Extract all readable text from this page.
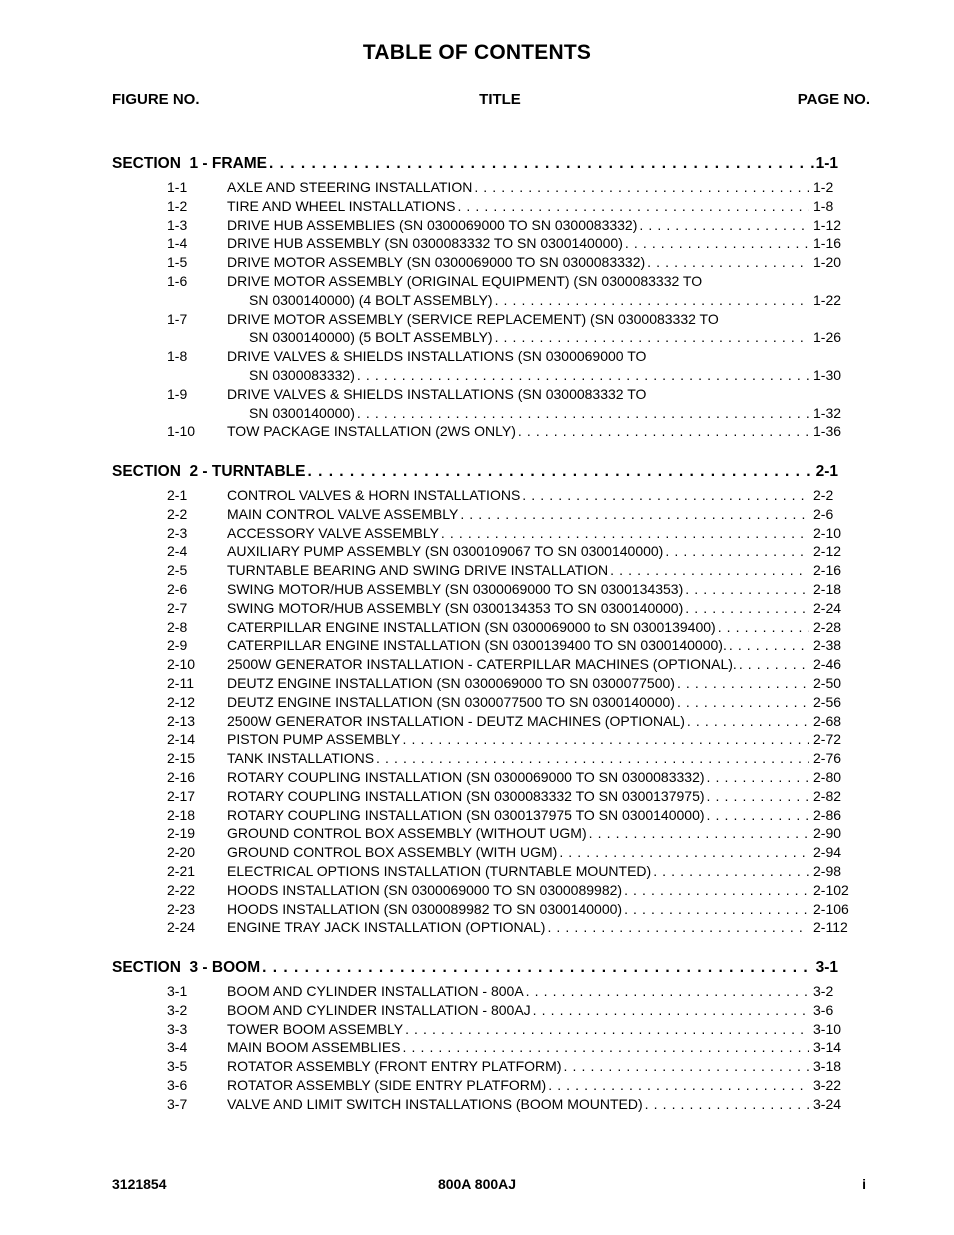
TABLE OF CONTENTS
FIGURE NO.	TITLE	PAGE NO.
SECTION  1 - FRAME . . .	1-1
1-1	AXLE AND STEERING INSTALLATION . . .	1-2
1-2	TIRE AND WHEEL INSTALLATIONS . . .	1-8
1-3	DRIVE HUB ASSEMBLIES (SN 0300069000 TO SN 0300083332) . . .	1-12
1-4	DRIVE HUB ASSEMBLY (SN 0300083332 TO SN 0300140000) . . .	1-16
1-5	DRIVE MOTOR ASSEMBLY (SN 0300069000 TO SN 0300083332) . . .	1-20
1-6	DRIVE MOTOR ASSEMBLY (ORIGINAL EQUIPMENT) (SN 0300083332 TO
SN 0300140000) (4 BOLT ASSEMBLY) . . .	1-22
1-7	DRIVE MOTOR ASSEMBLY (SERVICE REPLACEMENT) (SN 0300083332 TO
SN 0300140000) (5 BOLT ASSEMBLY) . . .	1-26
1-8	DRIVE VALVES & SHIELDS INSTALLATIONS (SN 0300069000 TO
SN 0300083332) . . .	1-30
1-9	DRIVE VALVES & SHIELDS INSTALLATIONS (SN 0300083332 TO
SN 0300140000) . . .	1-32
1-10 TOW PACKAGE INSTALLATION (2WS ONLY) . . .	1-36
SECTION  2 - TURNTABLE . . .	2-1
2-1	CONTROL VALVES & HORN INSTALLATIONS . . .	2-2
2-2	MAIN CONTROL VALVE ASSEMBLY . . .	2-6
2-3	ACCESSORY VALVE ASSEMBLY . . .	2-10
2-4	AUXILIARY PUMP ASSEMBLY (SN 0300109067 TO SN 0300140000) . . .	2-12
2-5	TURNTABLE BEARING AND SWING DRIVE INSTALLATION . . .	2-16
2-6	SWING MOTOR/HUB ASSEMBLY (SN 0300069000 TO SN 0300134353) . . .	2-18
2-7	SWING MOTOR/HUB ASSEMBLY (SN 0300134353 TO SN 0300140000) . . .	2-24
2-8	CATERPILLAR ENGINE INSTALLATION (SN 0300069000 to SN 0300139400) . . .	2-28
2-9	CATERPILLAR ENGINE INSTALLATION (SN 0300139400 TO SN 0300140000). . . .	2-38
2-10 2500W GENERATOR INSTALLATION - CATERPILLAR MACHINES (OPTIONAL). . . .	2-46
2-11 DEUTZ ENGINE INSTALLATION (SN 0300069000 TO SN 0300077500) . . .	2-50
2-12 DEUTZ ENGINE INSTALLATION (SN 0300077500 TO SN 0300140000) . . .	2-56
2-13 2500W GENERATOR INSTALLATION - DEUTZ MACHINES (OPTIONAL) . . .	2-68
2-14 PISTON PUMP ASSEMBLY . . .	2-72
2-15 TANK INSTALLATIONS . . .	2-76
2-16 ROTARY COUPLING INSTALLATION (SN 0300069000 TO SN 0300083332) . . .	2-80
2-17 ROTARY COUPLING INSTALLATION (SN 0300083332 TO SN 0300137975) . . .	2-82
2-18 ROTARY COUPLING INSTALLATION (SN 0300137975 TO SN 0300140000) . . .	2-86
2-19 GROUND CONTROL BOX ASSEMBLY (WITHOUT UGM) . . .	2-90
2-20 GROUND CONTROL BOX ASSEMBLY (WITH UGM) . . .	2-94
2-21 ELECTRICAL OPTIONS INSTALLATION (TURNTABLE MOUNTED) . . .	2-98
2-22 HOODS INSTALLATION (SN 0300069000 TO SN 0300089982) . . .	2-102
2-23 HOODS INSTALLATION (SN 0300089982 TO SN 0300140000) . . .	2-106
2-24 ENGINE TRAY JACK INSTALLATION (OPTIONAL) . . .	2-112
SECTION  3 - BOOM . . .	3-1
3-1	BOOM AND CYLINDER INSTALLATION - 800A . . .	3-2
3-2	BOOM AND CYLINDER INSTALLATION - 800AJ . . .	3-6
3-3	TOWER BOOM ASSEMBLY . . .	3-10
3-4	MAIN BOOM ASSEMBLIES . . .	3-14
3-5	ROTATOR ASSEMBLY (FRONT ENTRY PLATFORM) . . .	3-18
3-6	ROTATOR ASSEMBLY (SIDE ENTRY PLATFORM) . . .	3-22
3-7	VALVE AND LIMIT SWITCH INSTALLATIONS (BOOM MOUNTED) . . .	3-24
3121854	800A 800AJ	i
